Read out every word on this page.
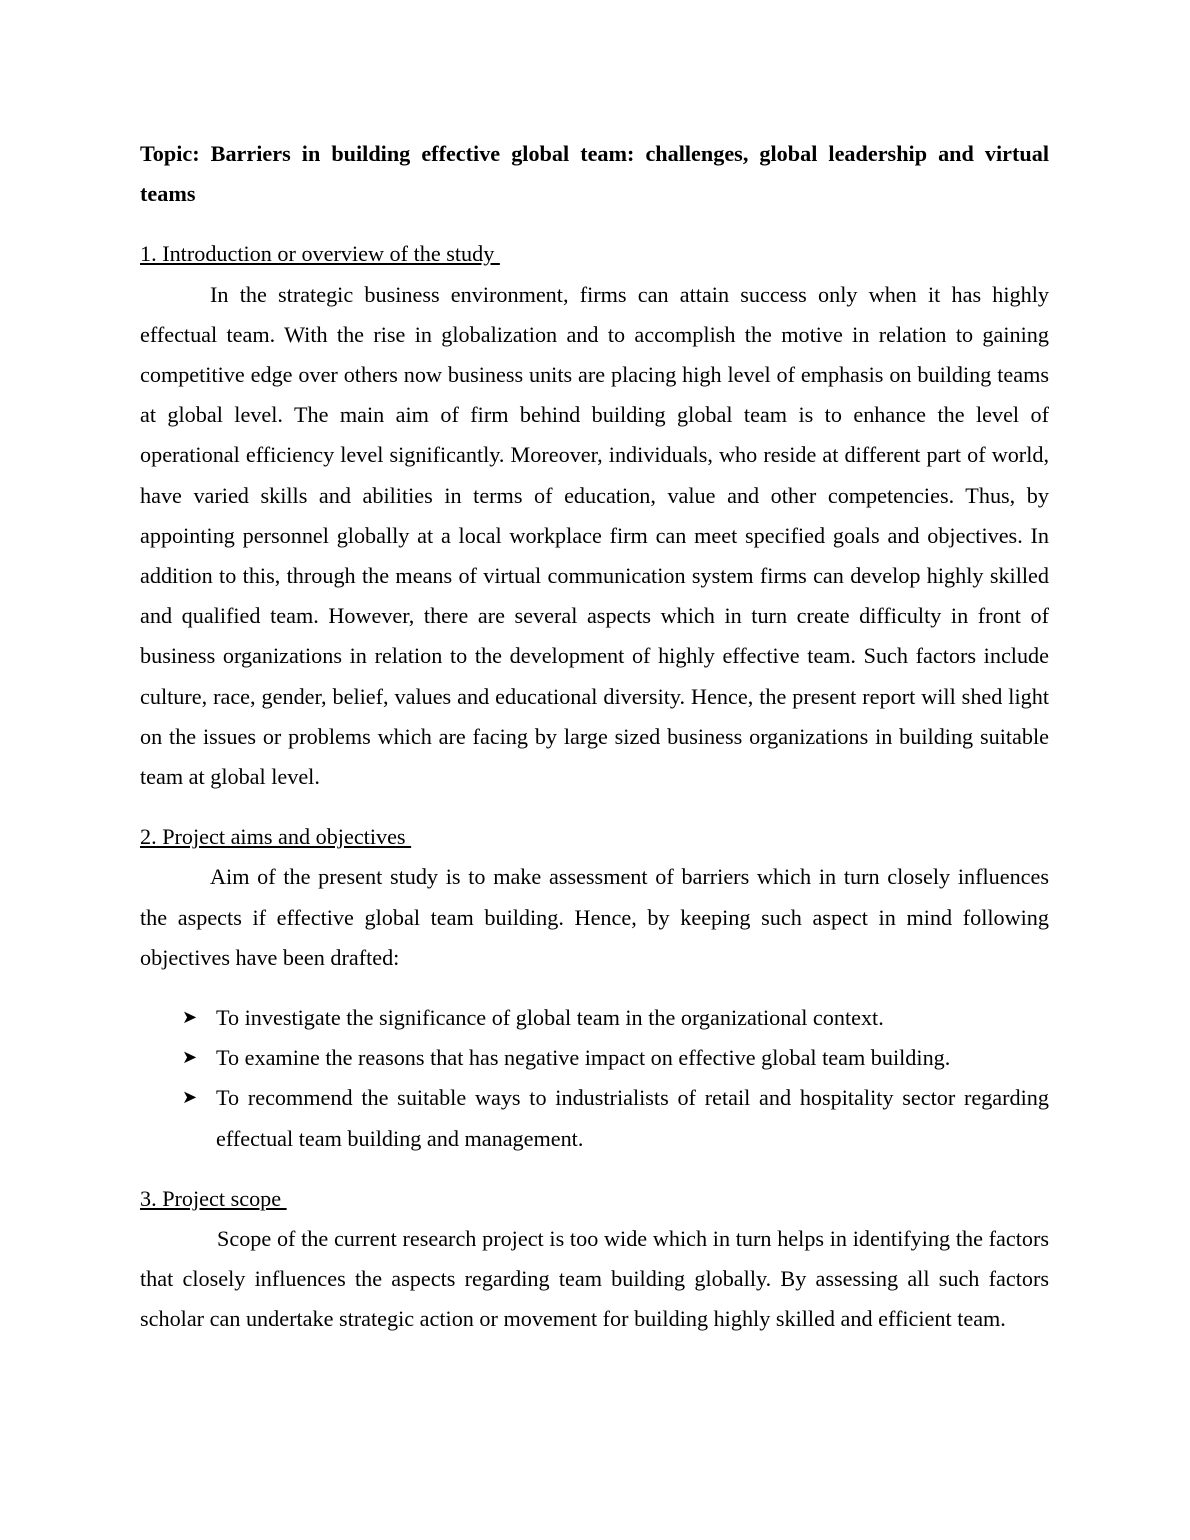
Topic: Barriers in building effective global team: challenges, global leadership and virtual teams

1. Introduction or overview of the study

In the strategic business environment, firms can attain success only when it has highly effectual team. With the rise in globalization and to accomplish the motive in relation to gaining competitive edge over others now business units are placing high level of emphasis on building teams at global level. The main aim of firm behind building global team is to enhance the level of operational efficiency level significantly. Moreover, individuals, who reside at different part of world, have varied skills and abilities in terms of education, value and other competencies. Thus, by appointing personnel globally at a local workplace firm can meet specified goals and objectives. In addition to this, through the means of virtual communication system firms can develop highly skilled and qualified team. However, there are several aspects which in turn create difficulty in front of business organizations in relation to the development of highly effective team. Such factors include culture, race, gender, belief, values and educational diversity. Hence, the present report will shed light on the issues or problems which are facing by large sized business organizations in building suitable team at global level.

2. Project aims and objectives

Aim of the present study is to make assessment of barriers which in turn closely influences the aspects if effective global team building. Hence, by keeping such aspect in mind following objectives have been drafted:

➤ To investigate the significance of global team in the organizational context.
➤ To examine the reasons that has negative impact on effective global team building.
➤ To recommend the suitable ways to industrialists of retail and hospitality sector regarding effectual team building and management.

3. Project scope

Scope of the current research project is too wide which in turn helps in identifying the factors that closely influences the aspects regarding team building globally. By assessing all such factors scholar can undertake strategic action or movement for building highly skilled and efficient team.
